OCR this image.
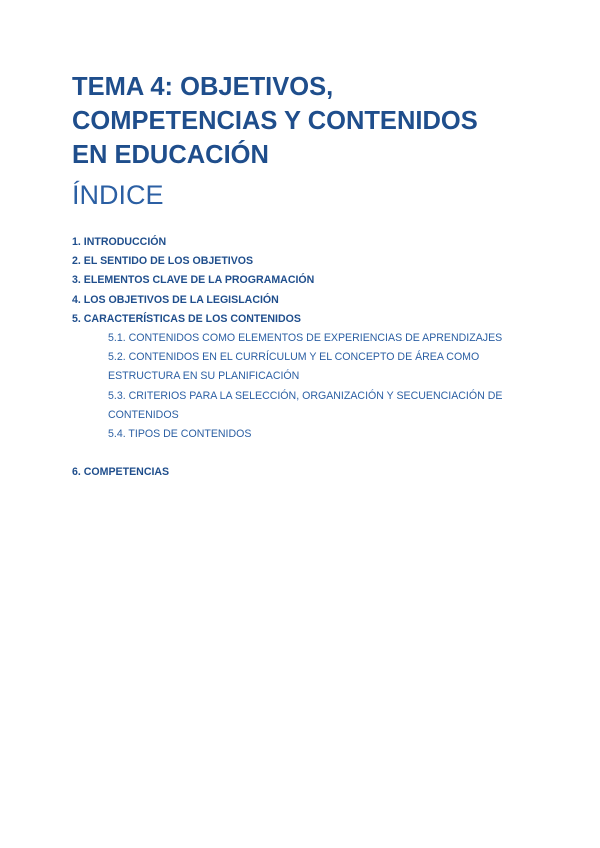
TEMA 4: OBJETIVOS,
COMPETENCIAS Y CONTENIDOS
EN EDUCACIÓN
ÍNDICE
1. INTRODUCCIÓN
2. EL SENTIDO DE LOS OBJETIVOS
3. ELEMENTOS CLAVE DE LA PROGRAMACIÓN
4. LOS OBJETIVOS DE LA LEGISLACIÓN
5. CARACTERÍSTICAS DE LOS CONTENIDOS
5.1. CONTENIDOS COMO ELEMENTOS DE EXPERIENCIAS DE APRENDIZAJES
5.2. CONTENIDOS EN EL CURRÍCULUM Y EL CONCEPTO DE ÁREA COMO ESTRUCTURA EN SU PLANIFICACIÓN
5.3. CRITERIOS PARA LA SELECCIÓN, ORGANIZACIÓN Y SECUENCIACIÓN DE CONTENIDOS
5.4. TIPOS DE CONTENIDOS
6. COMPETENCIAS
